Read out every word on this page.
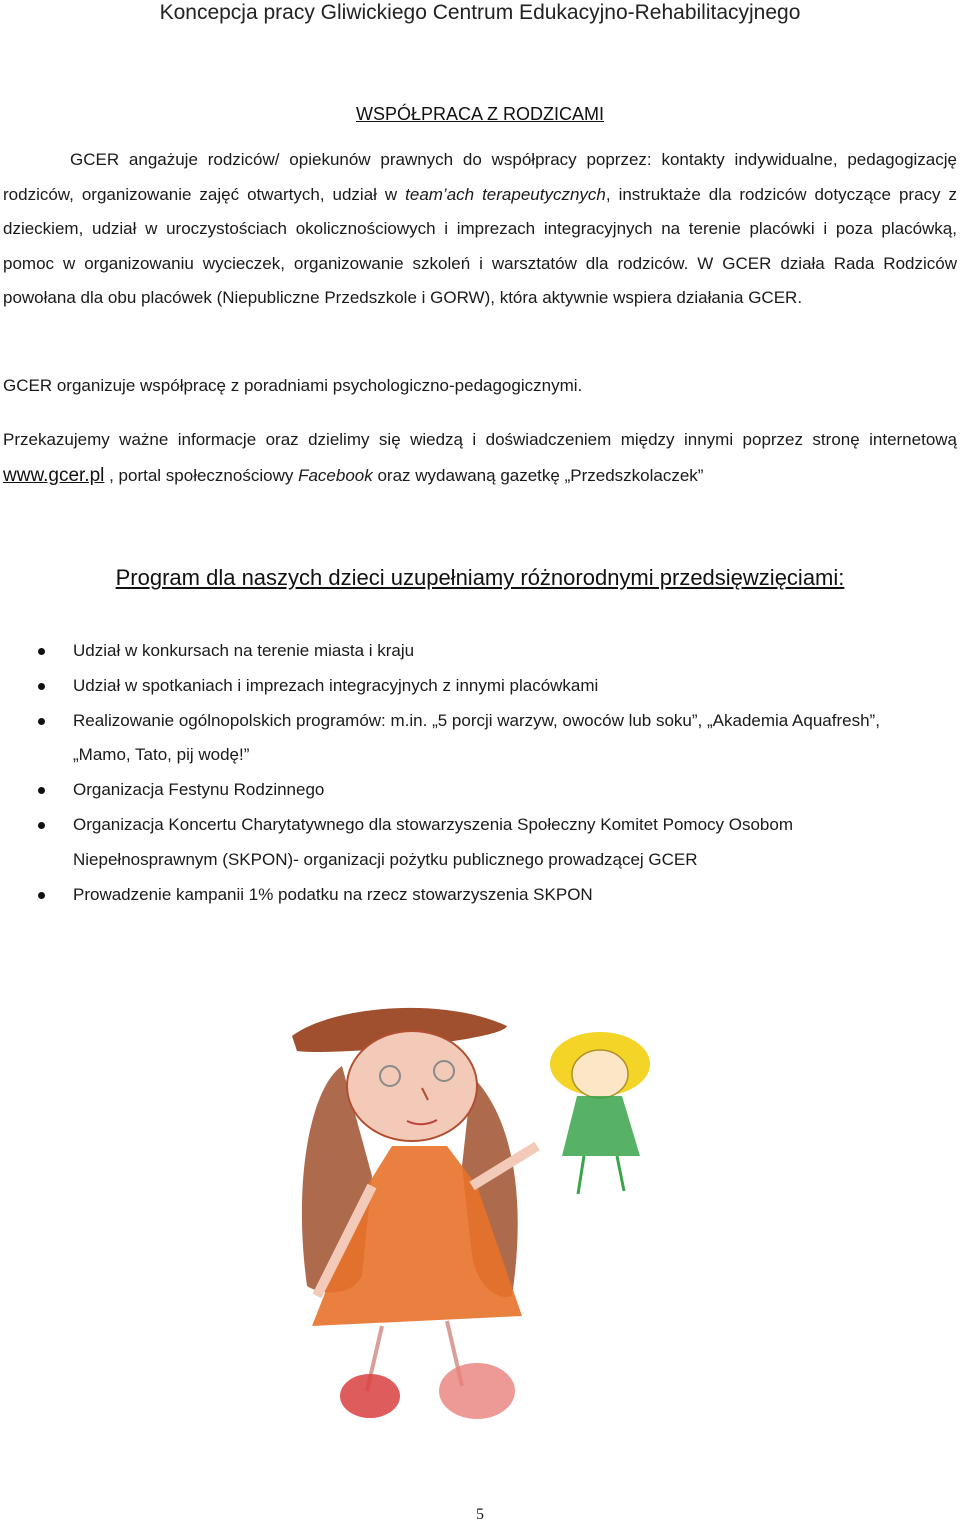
Koncepcja pracy Gliwickiego Centrum Edukacyjno-Rehabilitacyjnego
WSPÓŁPRACA Z RODZICAMI

GCER angażuje rodziców/ opiekunów prawnych do współpracy poprzez: kontakty indywidualne, pedagogizację rodziców, organizowanie zajęć otwartych, udział w team’ach terapeutycznych, instruktaże dla rodziców dotyczące pracy z dzieckiem, udział w uroczystościach okolicznościowych i imprezach integracyjnych na terenie placówki i poza placówką, pomoc w organizowaniu wycieczek, organizowanie szkoleń i warsztatów dla rodziców. W GCER działa Rada Rodziców powołana dla obu placówek (Niepubliczne Przedszkole i GORW), która aktywnie wspiera działania GCER.

GCER organizuje współpracę z poradniami psychologiczno-pedagogicznymi.

Przekazujemy ważne informacje oraz dzielimy się wiedzą i doświadczeniem między innymi poprzez stronę internetową www.gcer.pl , portal społecznościowy Facebook oraz wydawaną gazetkę „Przedszkolaczek”

Program dla naszych dzieci uzupełniamy różnorodnymi przedsięwzięciami:
Udział w konkursach na terenie miasta i kraju
Udział w spotkaniach i imprezach integracyjnych z innymi placówkami
Realizowanie ogólnopolskich programów: m.in. „5 porcji warzyw, owoców lub soku”, „Akademia Aquafresh”, „Mamo, Tato, pij wodę!”
Organizacja Festynu Rodzinnego
Organizacja Koncertu Charytatywnego dla stowarzyszenia Społeczny Komitet Pomocy Osobom Niepełnosprawnym (SKPON)- organizacji pożytku publicznego prowadzącej GCER
Prowadzenie kampanii 1% podatku na rzecz stowarzyszenia SKPON
5
